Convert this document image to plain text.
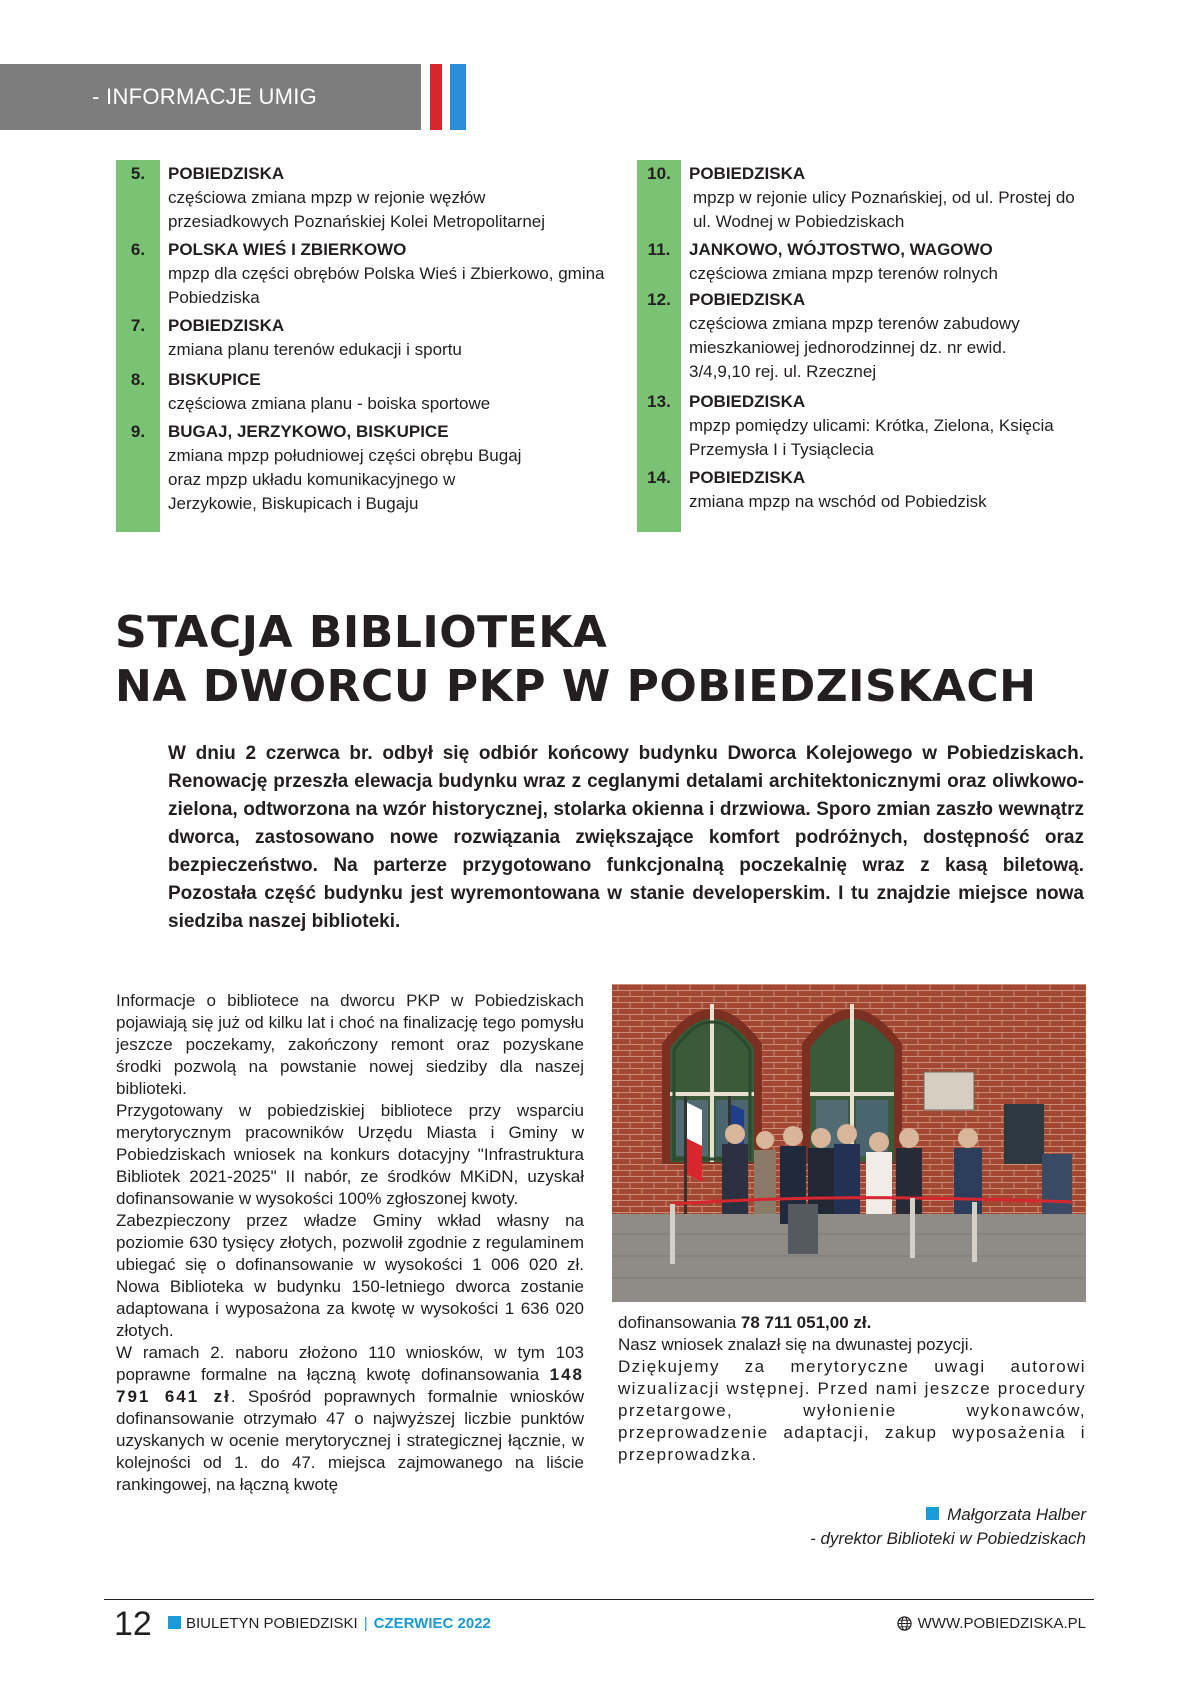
- INFORMACJE UMIG
5.	POBIEDZISKA
częściowa zmiana mpzp w rejonie węzłów przesiadkowych Poznańskiej Kolei Metropolitarnej
6.	POLSKA WIEŚ I ZBIERKOWO
mpzp dla części obrębów Polska Wieś i Zbierkowo, gmina Pobiedziska
7.	POBIEDZISKA
zmiana planu terenów edukacji i sportu
8.	BISKUPICE
częściowa zmiana planu - boiska sportowe
9.	BUGAJ, JERZYKOWO, BISKUPICE
zmiana mpzp południowej części obrębu Bugaj oraz mpzp układu komunikacyjnego w Jerzykowie, Biskupicach i Bugaju
10.	POBIEDZISKA
mpzp w rejonie ulicy Poznańskiej, od ul. Prostej do ul. Wodnej w Pobiedziskach
11.	JANKOWO, WÓJTOSTWO, WAGOWO
częściowa zmiana mpzp terenów rolnych
12.	POBIEDZISKA
częściowa zmiana mpzp terenów zabudowy mieszkaniowej jednorodzinnej dz. nr ewid. 3/4,9,10 rej. ul. Rzecznej
13.	POBIEDZISKA
mpzp pomiędzy ulicami: Krótka, Zielona, Księcia Przemysła I i Tysiąclecia
14.	POBIEDZISKA
zmiana mpzp na wschód od Pobiedzisk
STACJA BIBLIOTEKA
NA DWORCU PKP W POBIEDZISKACH
W dniu 2 czerwca br. odbył się odbiór końcowy budynku Dworca Kolejowego w Pobiedziskach. Renowację przeszła elewacja budynku wraz z ceglanymi detalami architektonicznymi oraz oliwkowo-zielona, odtworzona na wzór historycznej, stolarka okienna i drzwiowa. Sporo zmian zaszło wewnątrz dworca, zastosowano nowe rozwiązania zwiększające komfort podróżnych, dostępność oraz bezpieczeństwo. Na parterze przygotowano funkcjonalną poczekalnię wraz z kasą biletową. Pozostała część budynku jest wyremontowana w stanie developerskim. I tu znajdzie miejsce nowa siedziba naszej biblioteki.

Informacje o bibliotece na dworcu PKP w Pobiedziskach pojawiają się już od kilku lat i choć na finalizację tego pomysłu jeszcze poczekamy, zakończony remont oraz pozyskane środki pozwolą na powstanie nowej siedziby dla naszej biblioteki.

Przygotowany w pobiedziskiej bibliotece przy wsparciu merytorycznym pracowników Urzędu Miasta i Gminy w Pobiedziskach wniosek na konkurs dotacyjny "Infrastruktura Bibliotek 2021-2025" II nabór, ze środków MKiDN, uzyskał dofinansowanie w wysokości 100% zgłoszonej kwoty.

Zabezpieczony przez władze Gminy wkład własny na poziomie 630 tysięcy złotych, pozwolił zgodnie z regulaminem ubiegać się o dofinansowanie w wysokości 1 006 020 zł. Nowa Biblioteka w budynku 150-letniego dworca zostanie adaptowana i wyposażona za kwotę w wysokości 1 636 020 złotych.

W ramach 2. naboru złożono 110 wniosków, w tym 103 poprawne formalne na łączną kwotę dofinansowania 148 791 641 zł. Spośród poprawnych formalnie wniosków dofinansowanie otrzymało 47 o najwyższej liczbie punktów uzyskanych w ocenie merytorycznej i strategicznej łącznie, w kolejności od 1. do 47. miejsca zajmowanego na liście rankingowej, na łączną kwotę

dofinansowania 78 711 051,00 zł.

Nasz wniosek znalazł się na dwunastej pozycji.

Dziękujemy za merytoryczne uwagi autorowi wizualizacji wstępnej. Przed nami jeszcze procedury przetargowe, wyłonienie wykonawców, przeprowadzenie adaptacji, zakup wyposażenia i przeprowadzka.

Małgorzata Halber
- dyrektor Biblioteki w Pobiedziskach
12	BIULETYN POBIEDZISKI | CZERWIEC 2022	WWW.POBIEDZISKA.PL
